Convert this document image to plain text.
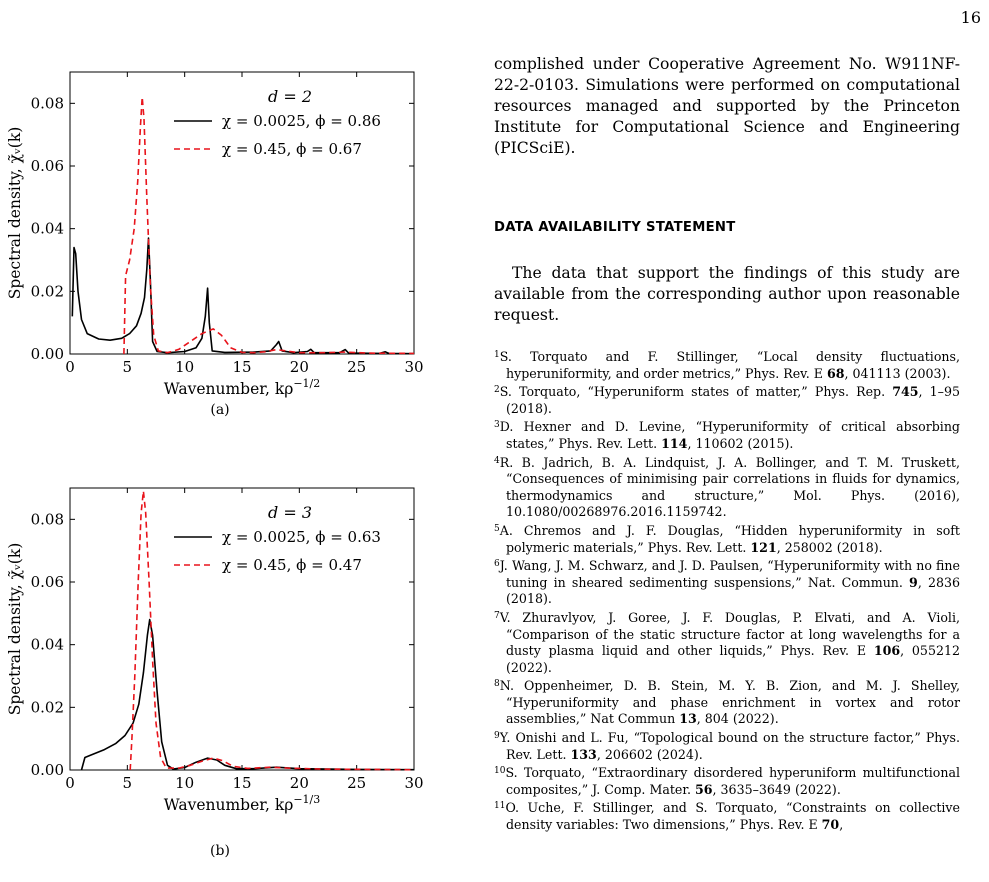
16
0	5	10	15	20	25	30
0.00
0.02
0.04
0.06
0.08	d = 2
χ = 0.0025, ϕ = 0.86
χ = 0.45, ϕ = 0.67
Wavenumber, $k\rho^{-1/2}$
Spectral density, χ̃ᵥ(k)
(a)
0	5	10	15	20	25	30
0.00
0.02
0.04
0.06
0.08	d = 3
χ = 0.0025, ϕ = 0.63
χ = 0.45, ϕ = 0.47
Wavenumber, $k\rho^{-1/3}$
Spectral density, χ̃ᵥ(k)
(b)

complished under Cooperative Agreement No. W911NF-22-2-0103. Simulations were performed on computational resources managed and supported by the Princeton Institute for Computational Science and Engineering (PICSciE).

DATA AVAILABILITY STATEMENT

The data that support the findings of this study are available from the corresponding author upon reasonable request.

$^1$S. Torquato and F. Stillinger, “Local density fluctuations, hyperuniformity, and order metrics,” Phys. Rev. E 68, 041113 (2003).

$^2$S. Torquato, “Hyperuniform states of matter,” Phys. Rep. 745, 1–95 (2018).

$^3$D. Hexner and D. Levine, “Hyperuniformity of critical absorbing states,” Phys. Rev. Lett. 114, 110602 (2015).

$^4$R. B. Jadrich, B. A. Lindquist, J. A. Bollinger, and T. M. Truskett, “Consequences of minimising pair correlations in fluids for dynamics, thermodynamics and structure,” Mol. Phys. (2016), 10.1080/00268976.2016.1159742.

$^5$A. Chremos and J. F. Douglas, “Hidden hyperuniformity in soft polymeric materials,” Phys. Rev. Lett. 121, 258002 (2018).

$^6$J. Wang, J. M. Schwarz, and J. D. Paulsen, “Hyperuniformity with no fine tuning in sheared sedimenting suspensions,” Nat. Commun. 9, 2836 (2018).

$^7$V. Zhuravlyov, J. Goree, J. F. Douglas, P. Elvati, and A. Violi, “Comparison of the static structure factor at long wavelengths for a dusty plasma liquid and other liquids,” Phys. Rev. E 106, 055212 (2022).

$^8$N. Oppenheimer, D. B. Stein, M. Y. B. Zion, and M. J. Shelley, “Hyperuniformity and phase enrichment in vortex and rotor assemblies,” Nat Commun 13, 804 (2022).

$^9$Y. Onishi and L. Fu, “Topological bound on the structure factor,” Phys. Rev. Lett. 133, 206602 (2024).

$^{10}$S. Torquato, “Extraordinary disordered hyperuniform multifunctional composites,” J. Comp. Mater. 56, 3635–3649 (2022).

$^{11}$O. Uche, F. Stillinger, and S. Torquato, “Constraints on collective density variables: Two dimensions,” Phys. Rev. E 70,
